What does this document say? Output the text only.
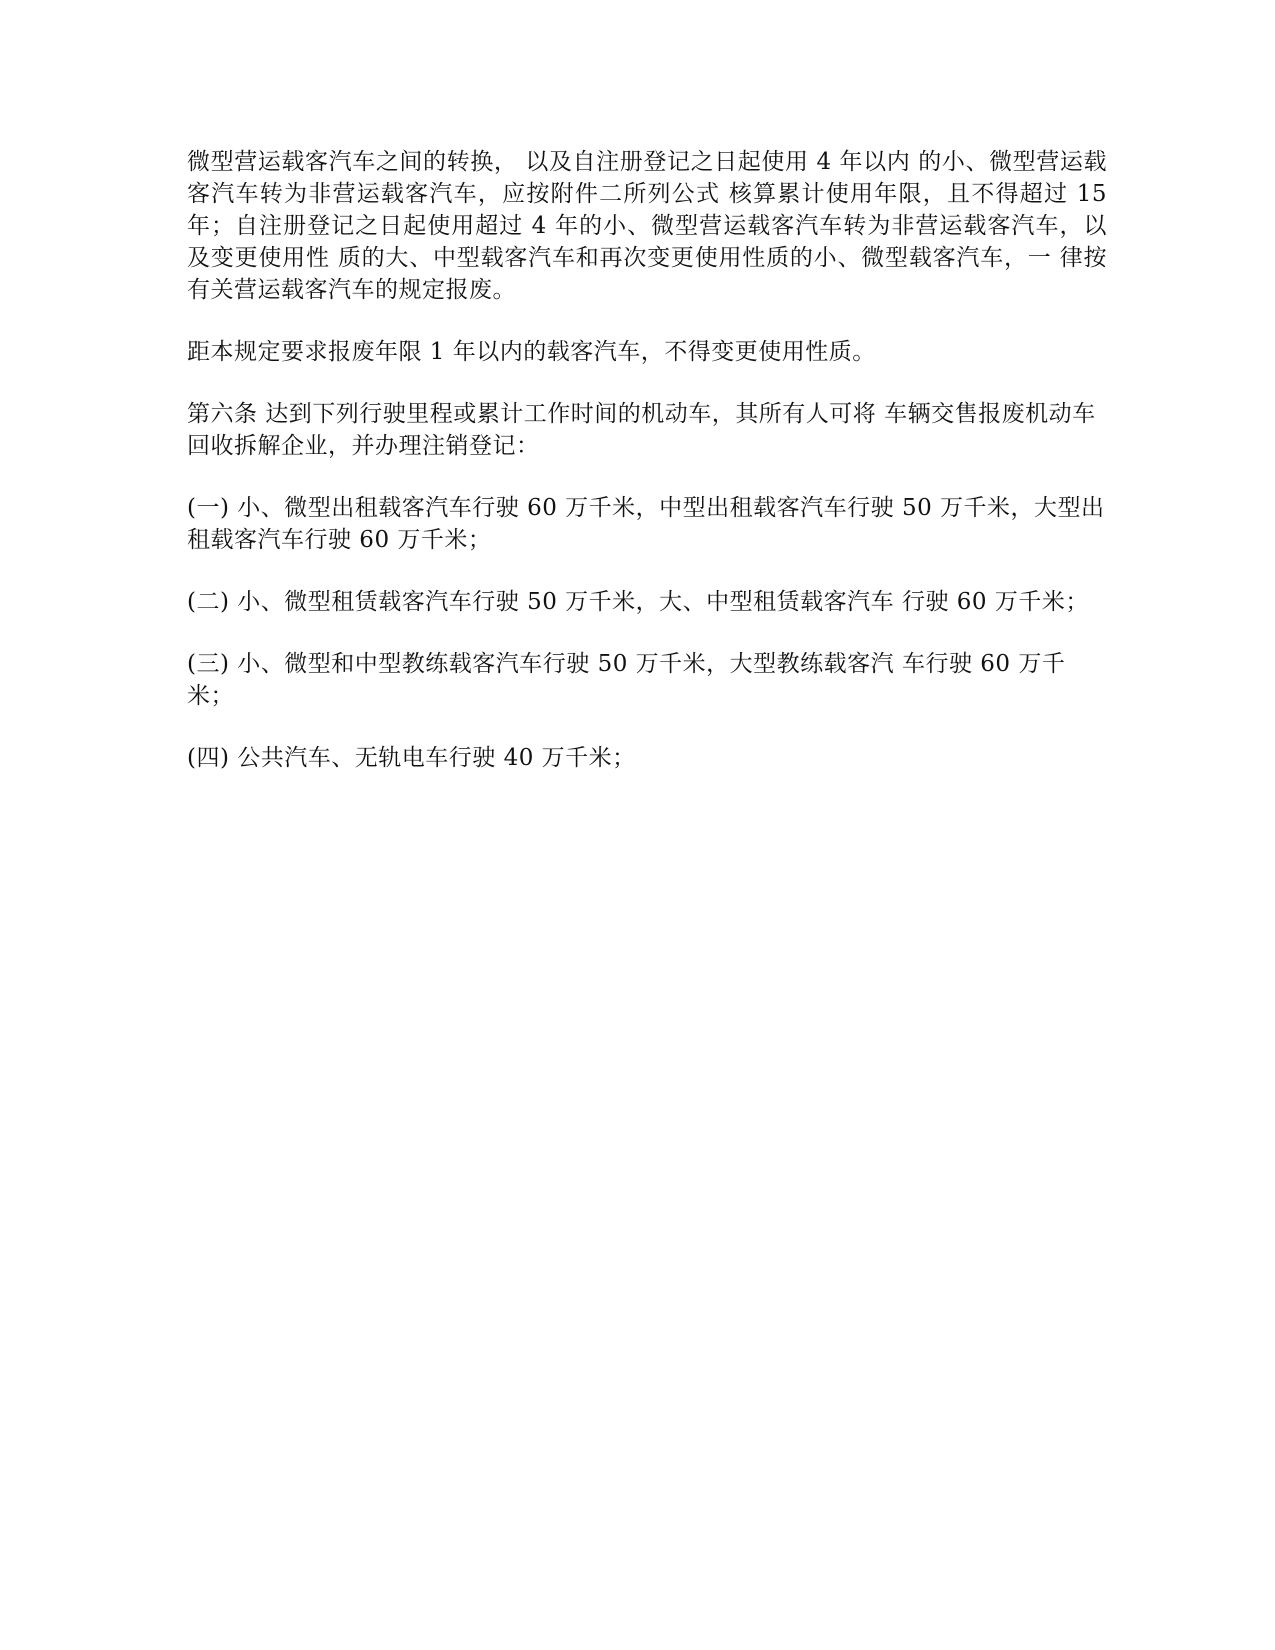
微型营运载客汽车之间的转换， 以及自注册登记之日起使用 4 年以内 的小、微型营运载客汽车转为非营运载客汽车，应按附件二所列公式 核算累计使用年限，且不得超过 15 年；自注册登记之日起使用超过 4 年的小、微型营运载客汽车转为非营运载客汽车，以及变更使用性 质的大、中型载客汽车和再次变更使用性质的小、微型载客汽车，一 律按有关营运载客汽车的规定报废。

距本规定要求报废年限 1 年以内的载客汽车，不得变更使用性质。

第六条 达到下列行驶里程或累计工作时间的机动车，其所有人可将 车辆交售报废机动车回收拆解企业，并办理注销登记：

(一) 小、微型出租载客汽车行驶 60 万千米，中型出租载客汽车行驶 50 万千米，大型出租载客汽车行驶 60 万千米；

(二) 小、微型租赁载客汽车行驶 50 万千米，大、中型租赁载客汽车 行驶 60 万千米；

(三) 小、微型和中型教练载客汽车行驶 50 万千米，大型教练载客汽 车行驶 60 万千米；

(四) 公共汽车、无轨电车行驶 40 万千米；
